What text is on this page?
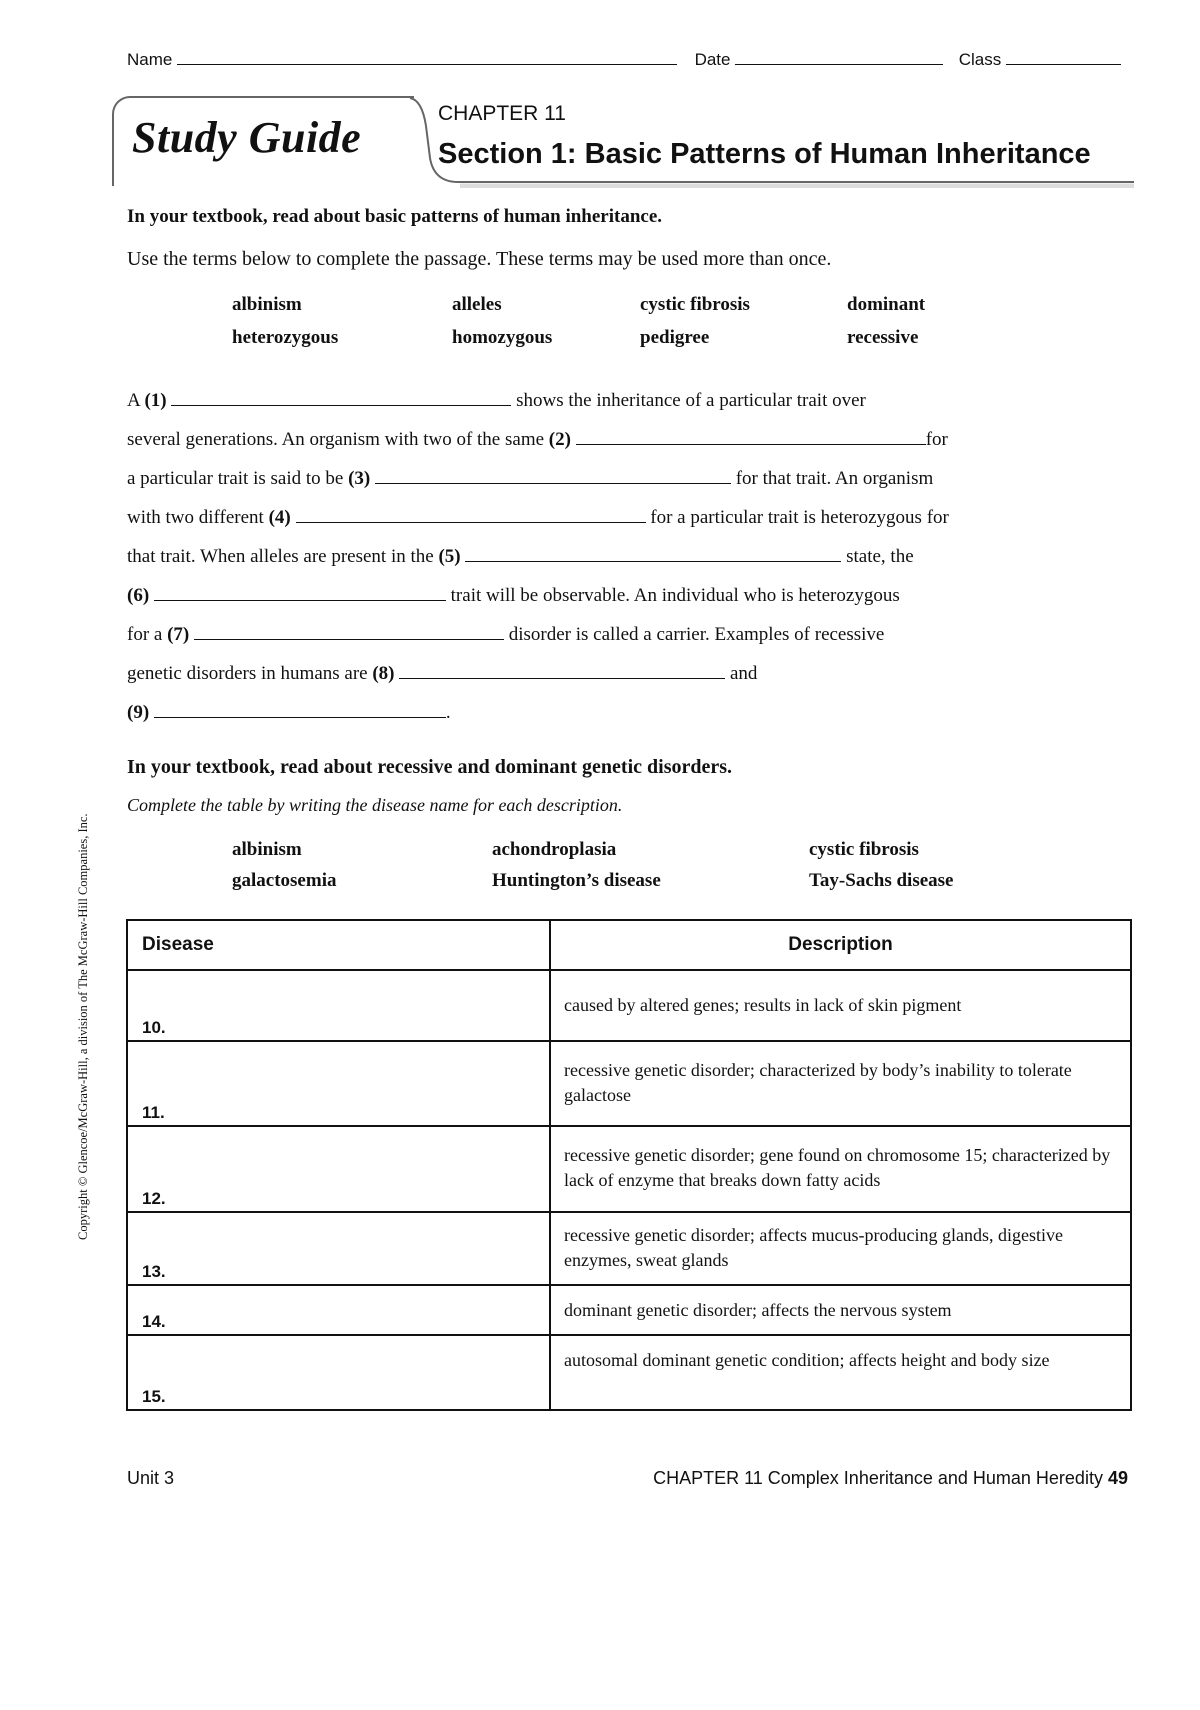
Name	Date	Class
Study Guide	CHAPTER 11
Section 1: Basic Patterns of Human Inheritance
In your textbook, read about basic patterns of human inheritance.
Use the terms below to complete the passage. These terms may be used more than once.
albinism	alleles	cystic fibrosis	dominant
heterozygous	homozygous	pedigree	recessive
A (1)	shows the inheritance of a particular trait over
several generations. An organism with two of the same (2)	for
a particular trait is said to be (3)	for that trait. An organism
with two different (4)	for a particular trait is heterozygous for
that trait. When alleles are present in the (5)	state, the
(6)	trait will be observable. An individual who is heterozygous
for a (7)	disorder is called a carrier. Examples of recessive
genetic disorders in humans are (8)	and
(9)	.
In your textbook, read about recessive and dominant genetic disorders.
Complete the table by writing the disease name for each description.
albinism	achondroplasia	cystic fibrosis
galactosemia	Huntington’s disease	Tay-Sachs disease
Disease	Description
10.	caused by altered genes; results in lack of skin pigment
11.	recessive genetic disorder; characterized by body’s inability to tolerate galactose
12.	recessive genetic disorder; gene found on chromosome 15; characterized by lack of enzyme that breaks down fatty acids
13.	recessive genetic disorder; affects mucus-producing glands, digestive enzymes, sweat glands
14.	dominant genetic disorder; affects the nervous system
15.	autosomal dominant genetic condition; affects height and body size
Copyright © Glencoe/McGraw-Hill, a division of The McGraw-Hill Companies, Inc.
Unit 3	CHAPTER 11 Complex Inheritance and Human Heredity 49
